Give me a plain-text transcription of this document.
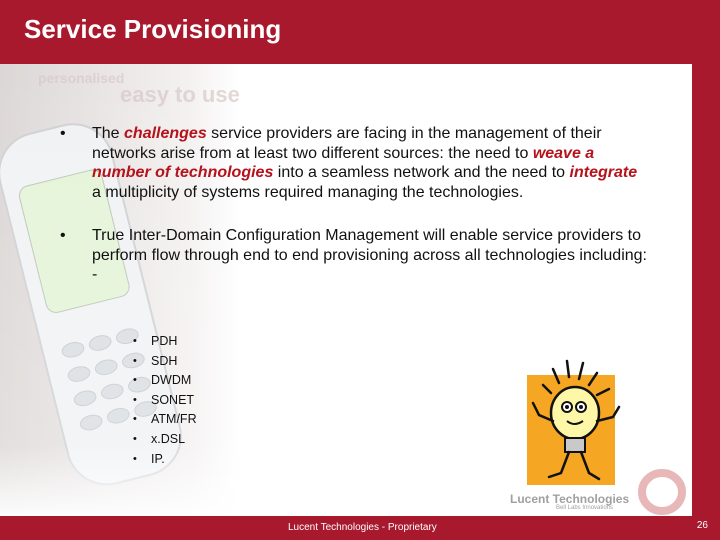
Service Provisioning
personalised
easy to use
• The challenges service providers are facing in the management of their networks arise from at least two different sources: the need to weave a number of technologies into a seamless network and the need to integrate a multiplicity of systems required managing the technologies.
• True Inter-Domain Configuration Management will enable service providers to perform flow through end to end provisioning across all technologies including: -
• PDH
• SDH
• DWDM
• SONET
• ATM/FR
• x.DSL
• IP.
Lucent Technologies
Bell Labs Innovations
Lucent Technologies - Proprietary	26
